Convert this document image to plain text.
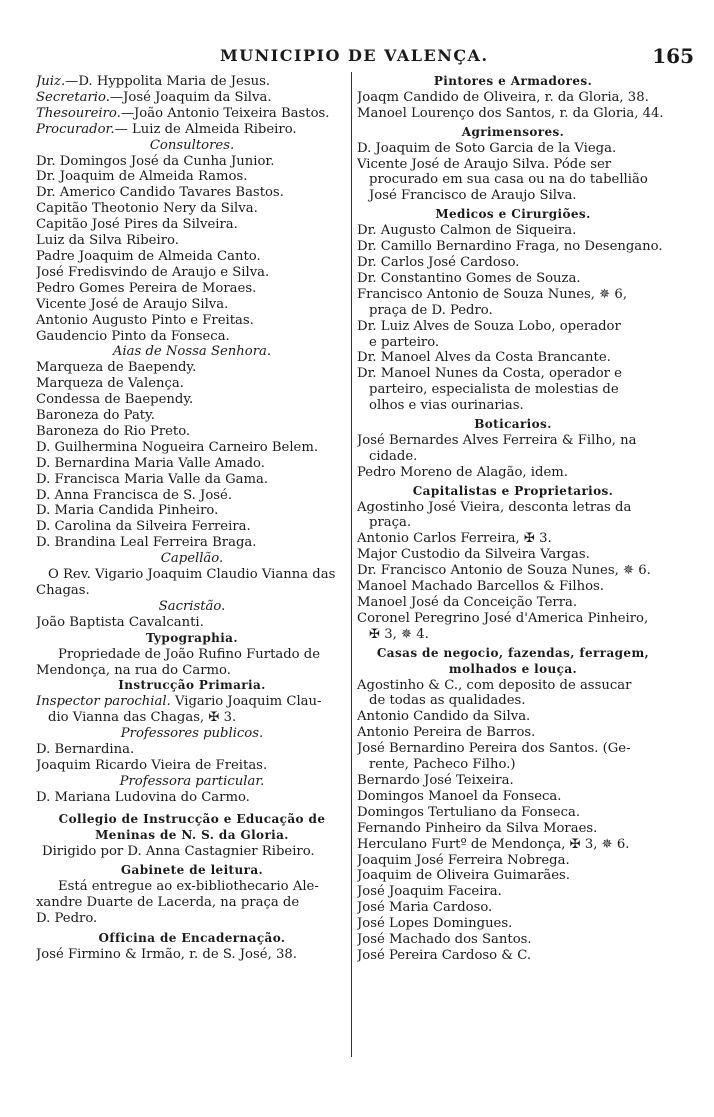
MUNICIPIO DE VALENÇA.	165
Juiz.—D. Hyppolita Maria de Jesus.
Secretario.—José Joaquim da Silva.
Thesoureiro.—João Antonio Teixeira Bastos.
Procurador.— Luiz de Almeida Ribeiro.
Consultores.
Dr. Domingos José da Cunha Junior.
Dr. Joaquim de Almeida Ramos.
Dr. Americo Candido Tavares Bastos.
Capitão Theotonio Nery da Silva.
Capitão José Pires da Silveira.
Luiz da Silva Ribeiro.
Padre Joaquim de Almeida Canto.
José Fredisvindo de Araujo e Silva.
Pedro Gomes Pereira de Moraes.
Vicente José de Araujo Silva.
Antonio Augusto Pinto e Freitas.
Gaudencio Pinto da Fonseca.
Aias de Nossa Senhora.
Marqueza de Baependy.
Marqueza de Valença.
Condessa de Baependy.
Baroneza do Paty.
Baroneza do Rio Preto.
D. Guilhermina Nogueira Carneiro Belem.
D. Bernardina Maria Valle Amado.
D. Francisca Maria Valle da Gama.
D. Anna Francisca de S. José.
D. Maria Candida Pinheiro.
D. Carolina da Silveira Ferreira.
D. Brandina Leal Ferreira Braga.
Capellão.
O Rev. Vigario Joaquim Claudio Vianna das
Chagas.
Sacristão.
João Baptista Cavalcanti.
Typographia.
Propriedade de João Rufino Furtado de
Mendonça, na rua do Carmo.
Instrucção Primaria.
Inspector parochial. Vigario Joaquim Clau-
dio Vianna das Chagas, ✠ 3.
Professores publicos.
D. Bernardina.
Joaquim Ricardo Vieira de Freitas.
Professora particular.
D. Mariana Ludovina do Carmo.
Collegio de Instrucção e Educação de
Meninas de N. S. da Gloria.
Dirigido por D. Anna Castagnier Ribeiro.
Gabinete de leitura.
Está entregue ao ex-bibliothecario Ale-
xandre Duarte de Lacerda, na praça de
D. Pedro.
Officina de Encadernação.
José Firmino & Irmão, r. de S. José, 38.
Pintores e Armadores.
Joaqm Candido de Oliveira, r. da Gloria, 38.
Manoel Lourenço dos Santos, r. da Gloria, 44.
Agrimensores.
D. Joaquim de Soto Garcia de la Viega.
Vicente José de Araujo Silva. Póde ser
procurado em sua casa ou na do tabellião
José Francisco de Araujo Silva.
Medicos e Cirurgiões.
Dr. Augusto Calmon de Siqueira.
Dr. Camillo Bernardino Fraga, no Desengano.
Dr. Carlos José Cardoso.
Dr. Constantino Gomes de Souza.
Francisco Antonio de Souza Nunes, ✵ 6,
praça de D. Pedro.
Dr. Luiz Alves de Souza Lobo, operador
e parteiro.
Dr. Manoel Alves da Costa Brancante.
Dr. Manoel Nunes da Costa, operador e
parteiro, especialista de molestias de
olhos e vias ourinarias.
Boticarios.
José Bernardes Alves Ferreira & Filho, na
cidade.
Pedro Moreno de Alagão, idem.
Capitalistas e Proprietarios.
Agostinho José Vieira, desconta letras da
praça.
Antonio Carlos Ferreira, ✠ 3.
Major Custodio da Silveira Vargas.
Dr. Francisco Antonio de Souza Nunes, ✵ 6.
Manoel Machado Barcellos & Filhos.
Manoel José da Conceição Terra.
Coronel Peregrino José d'America Pinheiro,
✠ 3, ✵ 4.
Casas de negocio, fazendas, ferragem,
molhados e louça.
Agostinho & C., com deposito de assucar
de todas as qualidades.
Antonio Candido da Silva.
Antonio Pereira de Barros.
José Bernardino Pereira dos Santos. (Ge-
rente, Pacheco Filho.)
Bernardo José Teixeira.
Domingos Manoel da Fonseca.
Domingos Tertuliano da Fonseca.
Fernando Pinheiro da Silva Moraes.
Herculano Furtº de Mendonça, ✠ 3, ✵ 6.
Joaquim José Ferreira Nobrega.
Joaquim de Oliveira Guimarães.
José Joaquim Faceira.
José Maria Cardoso.
José Lopes Domingues.
José Machado dos Santos.
José Pereira Cardoso & C.
